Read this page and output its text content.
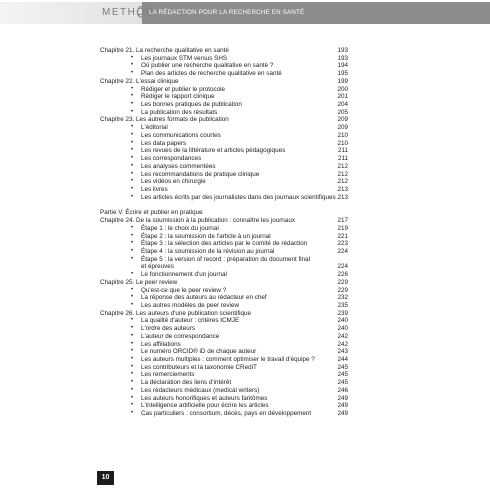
METHOD
LA RÉDACTION POUR LA RECHERCHE EN SANTÉ
Chapitre 21. La recherche qualitative en santé	193
• Les journaux STM versus SHS	193
• Où publier une recherche qualitative en santé ?	194
• Plan des articles de recherche qualitative en santé	195
Chapitre 22. L'essai clinique	199
• Rédiger et publier le protocole	200
• Rédiger le rapport clinique	201
• Les bonnes pratiques de publication	204
• La publication des résultats	205
Chapitre 23. Les autres formats de publication	209
• L'éditorial	209
• Les communications courtes	210
• Les data papers	210
• Les revues de la littérature et articles pédagogiques	211
• Les correspondances	211
• Les analyses commentées	212
• Les recommandations de pratique clinique	212
• Les vidéos en chirurgie	212
• Les livres	213
• Les articles écrits par des journalistes dans des journaux scientifiques 213
Partie V. Écrire et publier en pratique
Chapitre 24. De la soumission à la publication : connaître les journaux	217
• Étape 1 : le choix du journal	219
• Étape 2 : la soumission de l'article à un journal	221
• Étape 3 : la sélection des articles par le comité de rédaction	223
• Étape 4 : la soumission de la révision au journal	224
• Étape 5 : la version of record : préparation du document final
et épreuves	224
• Le fonctionnement d'un journal	226
Chapitre 25. Le peer review	229
• Qu'est-ce que le peer review ?	229
• La réponse des auteurs au rédacteur en chef	232
• Les autres modèles de peer review	235
Chapitre 26. Les auteurs d'une publication scientifique	239
• La qualité d'auteur : critères ICMJE	240
• L'ordre des auteurs	240
• L'auteur de correspondance	242
• Les affiliations	242
• Le numéro ORCID® iD de chaque auteur	243
• Les auteurs multiples : comment optimiser le travail d'équipe ?	244
• Les contributeurs et la taxonomie CRediT	245
• Les remerciements	245
• La déclaration des liens d'intérêt	245
• Les rédacteurs médicaux (medical writers)	246
• Les auteurs honorifiques et auteurs fantômes	249
• L'intelligence artificielle pour écrire les articles	249
• Cas particuliers : consortium, décès, pays en développement	249
10
